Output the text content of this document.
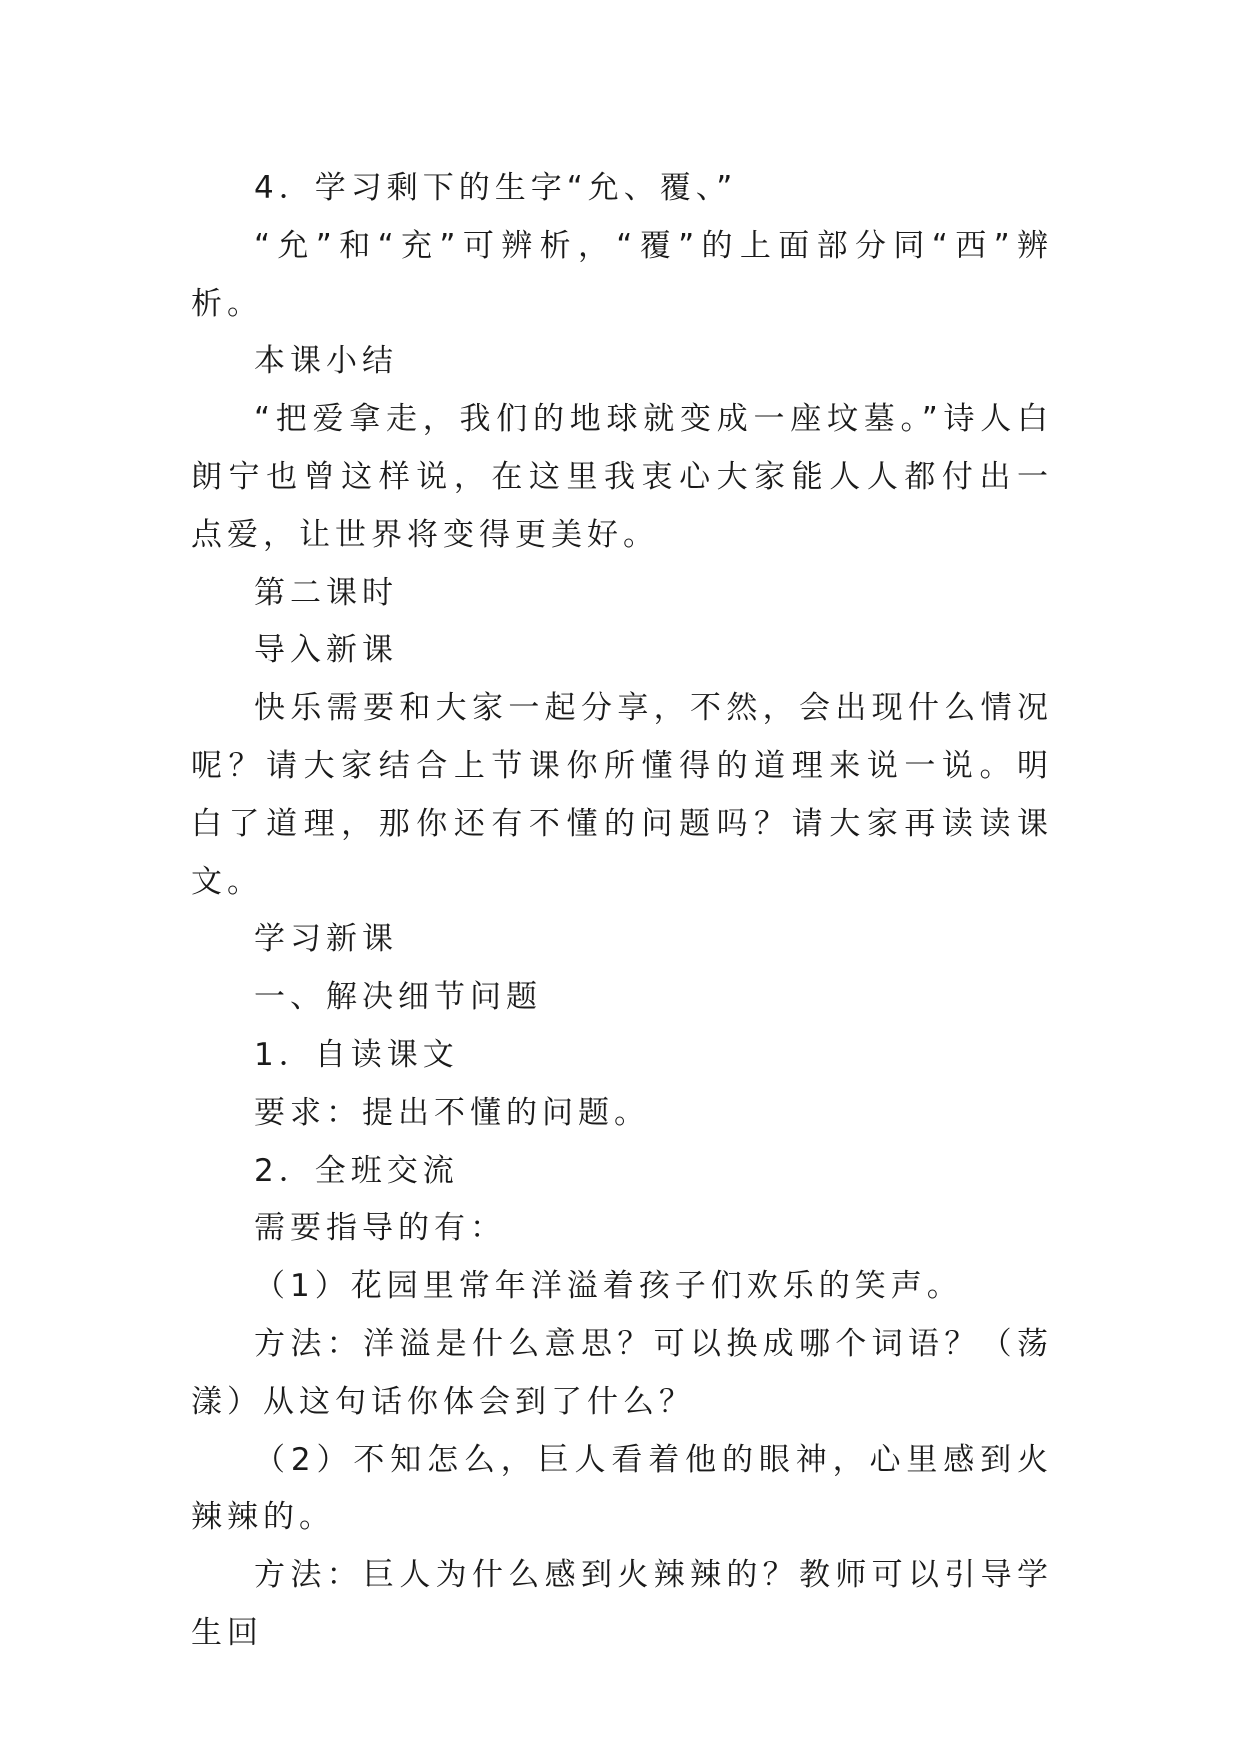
4．学习剩下的生字“允、覆、”

“允”和“充”可辨析，“覆”的上面部分同“西”辨析。

本课小结

“把爱拿走，我们的地球就变成一座坟墓。”诗人白朗宁也曾这样说，在这里我衷心大家能人人都付出一点爱，让世界将变得更美好。

第二课时

导入新课

快乐需要和大家一起分享，不然，会出现什么情况呢？请大家结合上节课你所懂得的道理来说一说。明白了道理，那你还有不懂的问题吗？请大家再读读课文。

学习新课

一、解决细节问题

1．自读课文

要求：提出不懂的问题。

2．全班交流

需要指导的有：

（1）花园里常年洋溢着孩子们欢乐的笑声。

方法：洋溢是什么意思？可以换成哪个词语？（荡漾）从这句话你体会到了什么？

（2）不知怎么，巨人看着他的眼神，心里感到火辣辣的。

方法：巨人为什么感到火辣辣的？教师可以引导学生回
